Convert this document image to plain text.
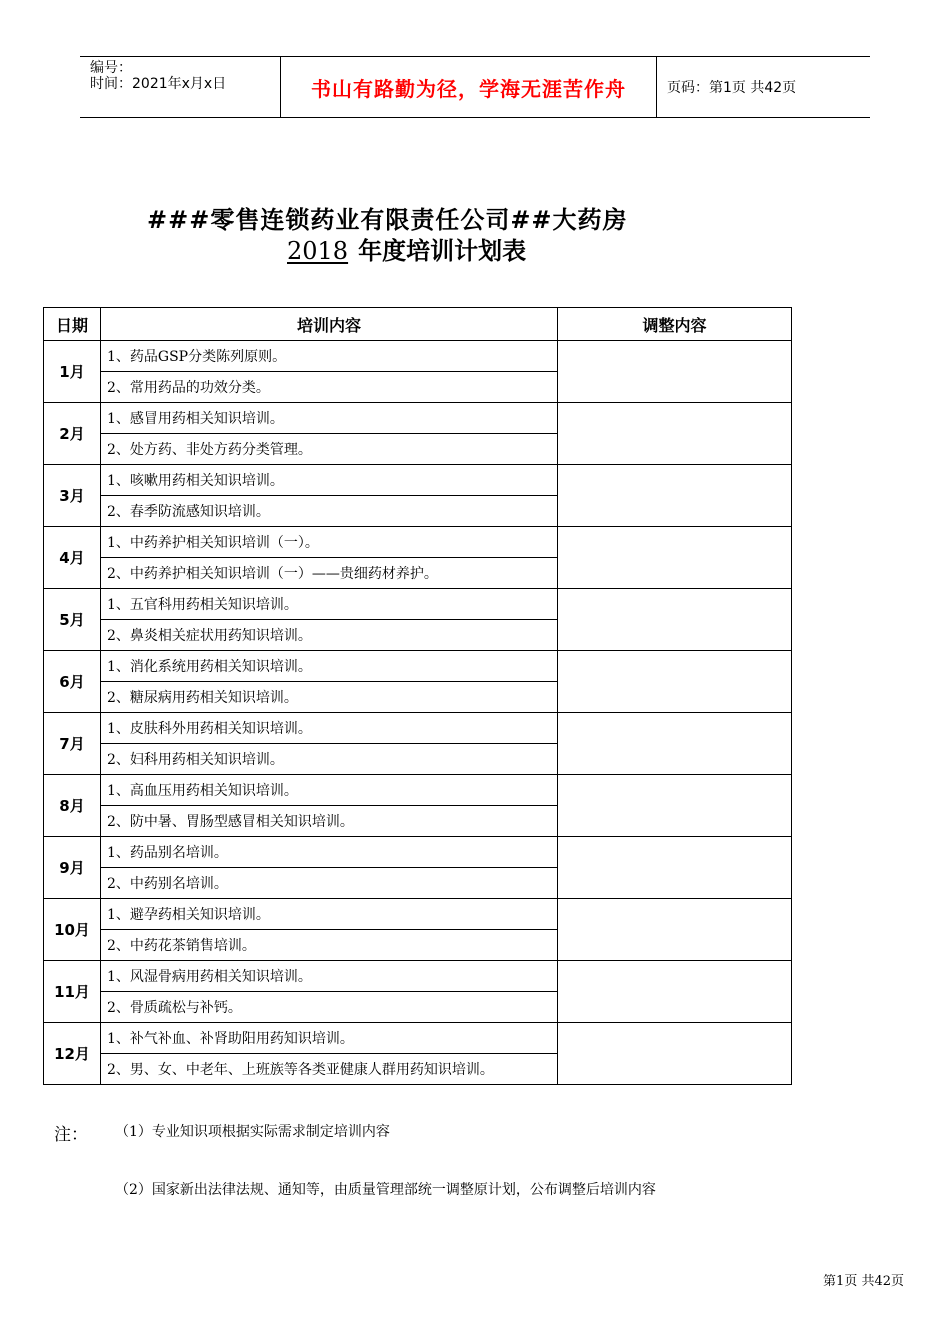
编号：
时间：2021年x月x日	书山有路勤为径，学海无涯苦作舟	页码：第1页 共42页
###零售连锁药业有限责任公司##大药房
2018 年度培训计划表
日期	培训内容	调整内容
1月	1、药品GSP分类陈列原则。	
	2、常用药品的功效分类。	
2月	1、感冒用药相关知识培训。	
	2、处方药、非处方药分类管理。	
3月	1、咳嗽用药相关知识培训。	
	2、春季防流感知识培训。	
4月	1、中药养护相关知识培训（一）。	
	2、中药养护相关知识培训（一）——贵细药材养护。	
5月	1、五官科用药相关知识培训。	
	2、鼻炎相关症状用药知识培训。	
6月	1、消化系统用药相关知识培训。	
	2、糖尿病用药相关知识培训。	
7月	1、皮肤科外用药相关知识培训。	
	2、妇科用药相关知识培训。	
8月	1、高血压用药相关知识培训。	
	2、防中暑、胃肠型感冒相关知识培训。	
9月	1、药品别名培训。	
	2、中药别名培训。	
10月	1、避孕药相关知识培训。	
	2、中药花茶销售培训。	
11月	1、风湿骨病用药相关知识培训。	
	2、骨质疏松与补钙。	
12月	1、补气补血、补肾助阳用药知识培训。	
	2、男、女、中老年、上班族等各类亚健康人群用药知识培训。	
注： （1）专业知识项根据实际需求制定培训内容
（2）国家新出法律法规、通知等，由质量管理部统一调整原计划，公布调整后培训内容
第1页 共42页
